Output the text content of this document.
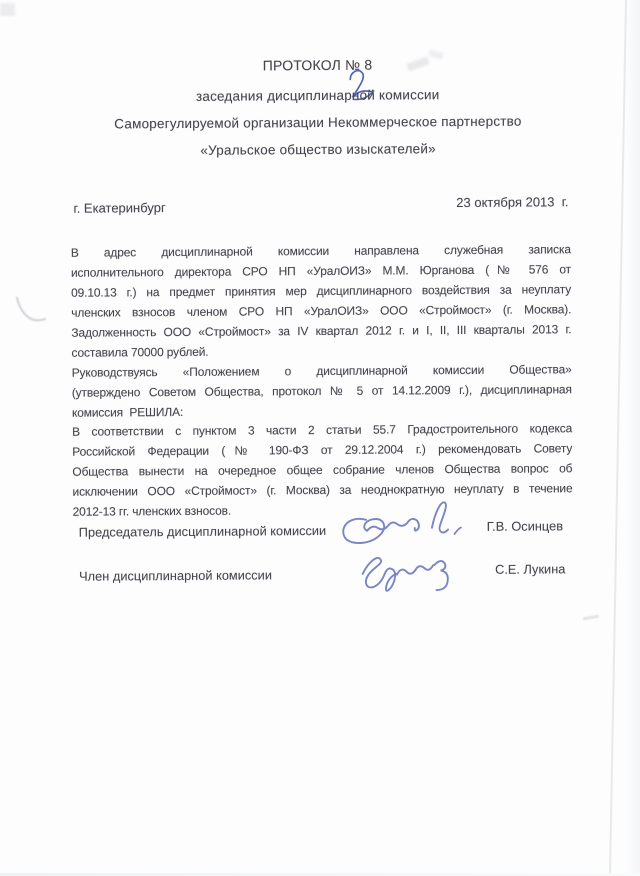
ПРОТОКОЛ № 8
заседания дисциплинарной комиссии
Саморегулируемой организации Некоммерческое партнерство
«Уральское общество изыскателей»
г. Екатеринбург	23 октября 2013  г.
В адрес дисциплинарной комиссии направлена служебная записка
исполнительного директора СРО НП «УралОИЗ» М.М. Юрганова (№ 576 от
09.10.13 г.) на предмет принятия мер дисциплинарного воздействия за неуплату
членских взносов членом СРО НП «УралОИЗ» ООО «Строймост» (г. Москва).
Задолженность ООО «Строймост» за IV квартал 2012 г. и I, II, III кварталы 2013 г.
составила 70000 рублей.
Руководствуясь «Положением о дисциплинарной комиссии Общества»
(утверждено Советом Общества, протокол № 5 от 14.12.2009 г.), дисциплинарная
комиссия  РЕШИЛА:
В соответствии с пунктом 3 части 2 статьи 55.7 Градостроительного кодекса
Российской Федерации (№ 190-ФЗ от 29.12.2004 г.) рекомендовать Совету
Общества вынести на очередное общее собрание членов Общества вопрос об
исключении ООО «Строймост» (г. Москва) за неоднократную неуплату в течение
2012-13 гг. членских взносов.
Председатель дисциплинарной комиссии	Г.В. Осинцев
Член дисциплинарной комиссии	С.Е. Лукина
